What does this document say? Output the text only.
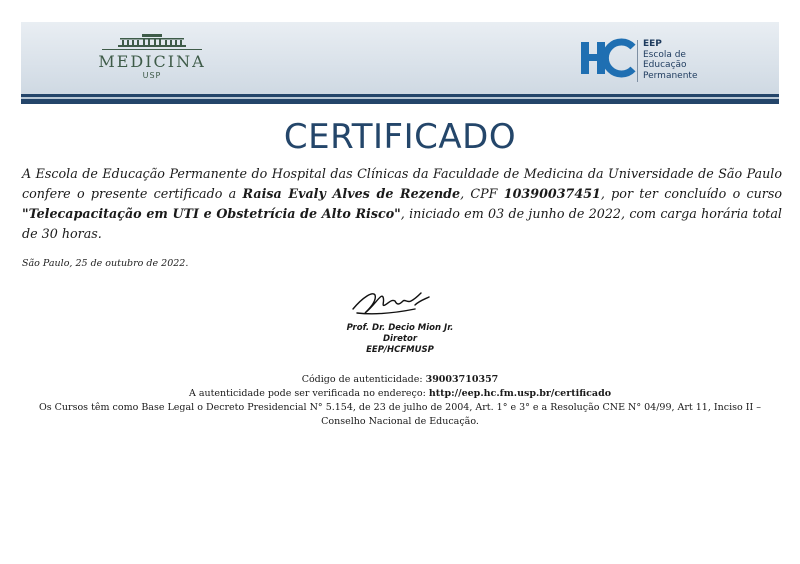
MEDICINA
USP
EEP
Escola de
Educação
Permanente
CERTIFICADO
A Escola de Educação Permanente do Hospital das Clínicas da Faculdade de Medicina da Universidade de São Paulo confere o presente certificado a Raisa Evaly Alves de Rezende, CPF 10390037451, por ter concluído o curso "Telecapacitação em UTI e Obstetrícia de Alto Risco", iniciado em 03 de junho de 2022, com carga horária total de 30 horas.
São Paulo, 25 de outubro de 2022.
Prof. Dr. Decio Mion Jr.
Diretor
EEP/HCFMUSP
Código de autenticidade: 39003710357
A autenticidade pode ser verificada no endereço: http://eep.hc.fm.usp.br/certificado
Os Cursos têm como Base Legal o Decreto Presidencial N° 5.154, de 23 de julho de 2004, Art. 1° e 3° e a Resolução CNE N° 04/99, Art 11, Inciso II – Conselho Nacional de Educação.
